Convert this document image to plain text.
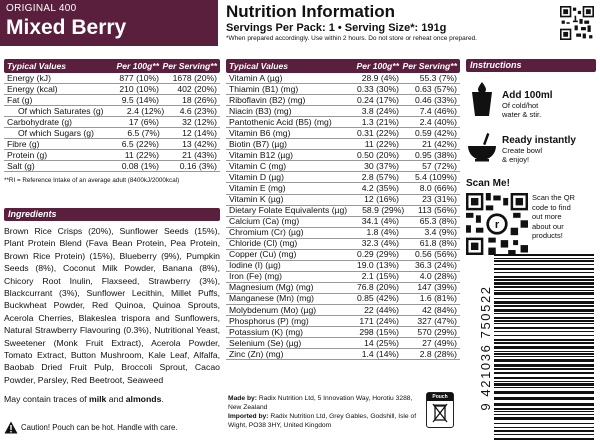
ORIGINAL 400
Mixed Berry
Nutrition Information
Servings Per Pack: 1 • Serving Size*: 191g
*When prepared accordingly. Use within 2 hours. Do not store or reheat once prepared.
Typical Values	Per 100g** Per Serving**
Energy (kJ)	877 (10%)	1678 (20%)
Energy (kcal)	210 (10%)	402 (20%)
Fat (g)	9.5 (14%)	18 (26%)
Of which Saturates (g)	2.4 (12%)	4.6 (23%)
Carbohydrate (g)	17 (6%)	32 (12%)
Of which Sugars (g)	6.5 (7%)	12 (14%)
Fibre (g)	6.5 (22%)	13 (42%)
Protein (g)	11 (22%)	21 (43%)
Salt (g)	0.08 (1%)	0.16 (3%)
**RI = Reference Intake of an average adult (8400kJ/2000kcal)
Ingredients
Brown Rice Crisps (20%), Sunflower Seeds (15%), Plant Protein Blend (Fava Bean Protein, Pea Protein, Brown Rice Protein) (15%), Blueberry (9%), Pumpkin Seeds (8%), Coconut Milk Powder, Banana (8%), Chicory Root Inulin, Flaxseed, Strawberry (3%), Blackcurrant (3%), Sunflower Lecithin, Millet Puffs, Buckwheat Powder, Red Quinoa, Quinoa Sprouts, Acerola Cherries, Blakeslea trispora and Sunflowers, Natural Strawberry Flavouring (0.3%), Nutritional Yeast, Sweetener (Monk Fruit Extract), Acerola Powder, Tomato Extract, Button Mushroom, Kale Leaf, Alfalfa, Baobab Dried Fruit Pulp, Broccoli Sprout, Cacao Powder, Parsley, Red Beetroot, Seaweed
May contain traces of milk and almonds.
Caution! Pouch can be hot. Handle with care.
Typical Values	Per 100g** Per Serving**
Vitamin A (µg)	28.9 (4%)	55.3 (7%)
Thiamin (B1) (mg)	0.33 (30%)	0.63 (57%)
Riboflavin (B2) (mg)	0.24 (17%)	0.46 (33%)
Niacin (B3) (mg)	3.8 (24%)	7.4 (46%)
Pantothenic Acid (B5) (mg)	1.3 (21%)	2.4 (40%)
Vitamin B6 (mg)	0.31 (22%)	0.59 (42%)
Biotin (B7) (µg)	11 (22%)	21 (42%)
Vitamin B12 (µg)	0.50 (20%)	0.95 (38%)
Vitamin C (mg)	30 (37%)	57 (72%)
Vitamin D (µg)	2.8 (57%)	5.4 (109%)
Vitamin E (mg)	4.2 (35%)	8.0 (66%)
Vitamin K (µg)	12 (16%)	23 (31%)
Dietary Folate Equivalents (µg)	58.9 (29%)	113 (56%)
Calcium (Ca) (mg)	34.1 (4%)	65.3 (8%)
Chromium (Cr) (µg)	1.8 (4%)	3.4 (9%)
Chloride (Cl) (mg)	32.3 (4%)	61.8 (8%)
Copper (Cu) (mg)	0.29 (29%)	0.56 (56%)
Iodine (I) (µg)	19.0 (13%)	36.3 (24%)
Iron (Fe) (mg)	2.1 (15%)	4.0 (28%)
Magnesium (Mg) (mg)	76.8 (20%)	147 (39%)
Manganese (Mn) (mg)	0.85 (42%)	1.6 (81%)
Molybdenum (Mo) (µg)	22 (44%)	42 (84%)
Phosphorus (P) (mg)	171 (24%)	327 (47%)
Potassium (K) (mg)	298 (15%)	570 (29%)
Selenium (Se) (µg)	14 (25%)	27 (49%)
Zinc (Zn) (mg)	1.4 (14%)	2.8 (28%)
Made by: Radix Nutrition Ltd, 5 Innovation Way, Horotiu 3288, New Zealand
Imported by: Radix Nutrition Ltd, Grey Gables, Godshill, Isle of Wight, PO38 3HY, United Kingdom
Pouch
Instructions
Add 100ml
Of cold/hot
water & stir.
Ready instantly
Create bowl
& enjoy!
Scan Me!
r
Scan the QR
code to find
out more
about our
products!
9 421036 750522
